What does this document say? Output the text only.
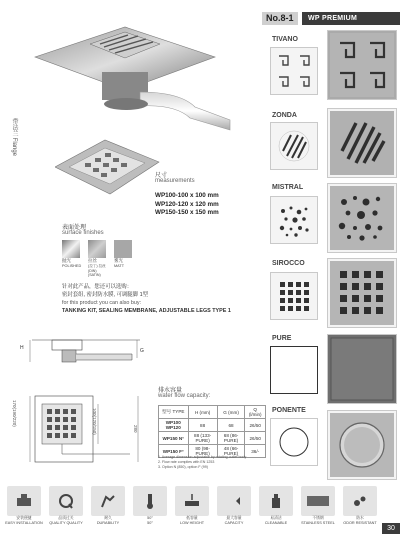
No.8-1	WP PREMIUM
带法兰 Flange
尺寸
measurements
WP100-100 x 100 mm
WP120-120 x 120 mm
WP150-150 x 150 mm
表面处理
surface finishes
抛光
POLISHED
拉丝
(拉丁) 拉丝(DIN) (SATIN)
雾光
MATT
针对此产品，您还可以选购：
密封套组, 密封防水膜, 可调腿脚 1型
for this product you can also buy:
TANKING KIT, SEALING MEMBRANE, ADJUSTABLE LEGS TYPE 1
H	G
170(190/220)	100(120/150)	280
排水容量
water flow capacity:
型号 TYPE	H (mm)	G (mm)	Q (l/min)
WP100 WP120	88	68	26/50
WP150 N°	88 (133-PURE)	68 (86-PURE)	26/50
WP150 F°	80 (98-PURE)	48 (66-PURE)	36/-
1. Average dimension adjustable by rotating outlet body
2. Flow rate complies with EN 1253
3. Option N (850), option F (99)
TIVANO
ZONDA
MISTRAL
SIROCCO
PURE
PONENTE
安装便捷
EASY INSTALLATION
品质过关
QUALITY QUALITY
耐久
DURABILITY
50°
50°
低容量
LOW HEIGHT
最大容量
CAPACITY
易清洁
CLEANABLE
不锈钢
STAINLESS STEEL
防水
ODOR RESISTANT
30
